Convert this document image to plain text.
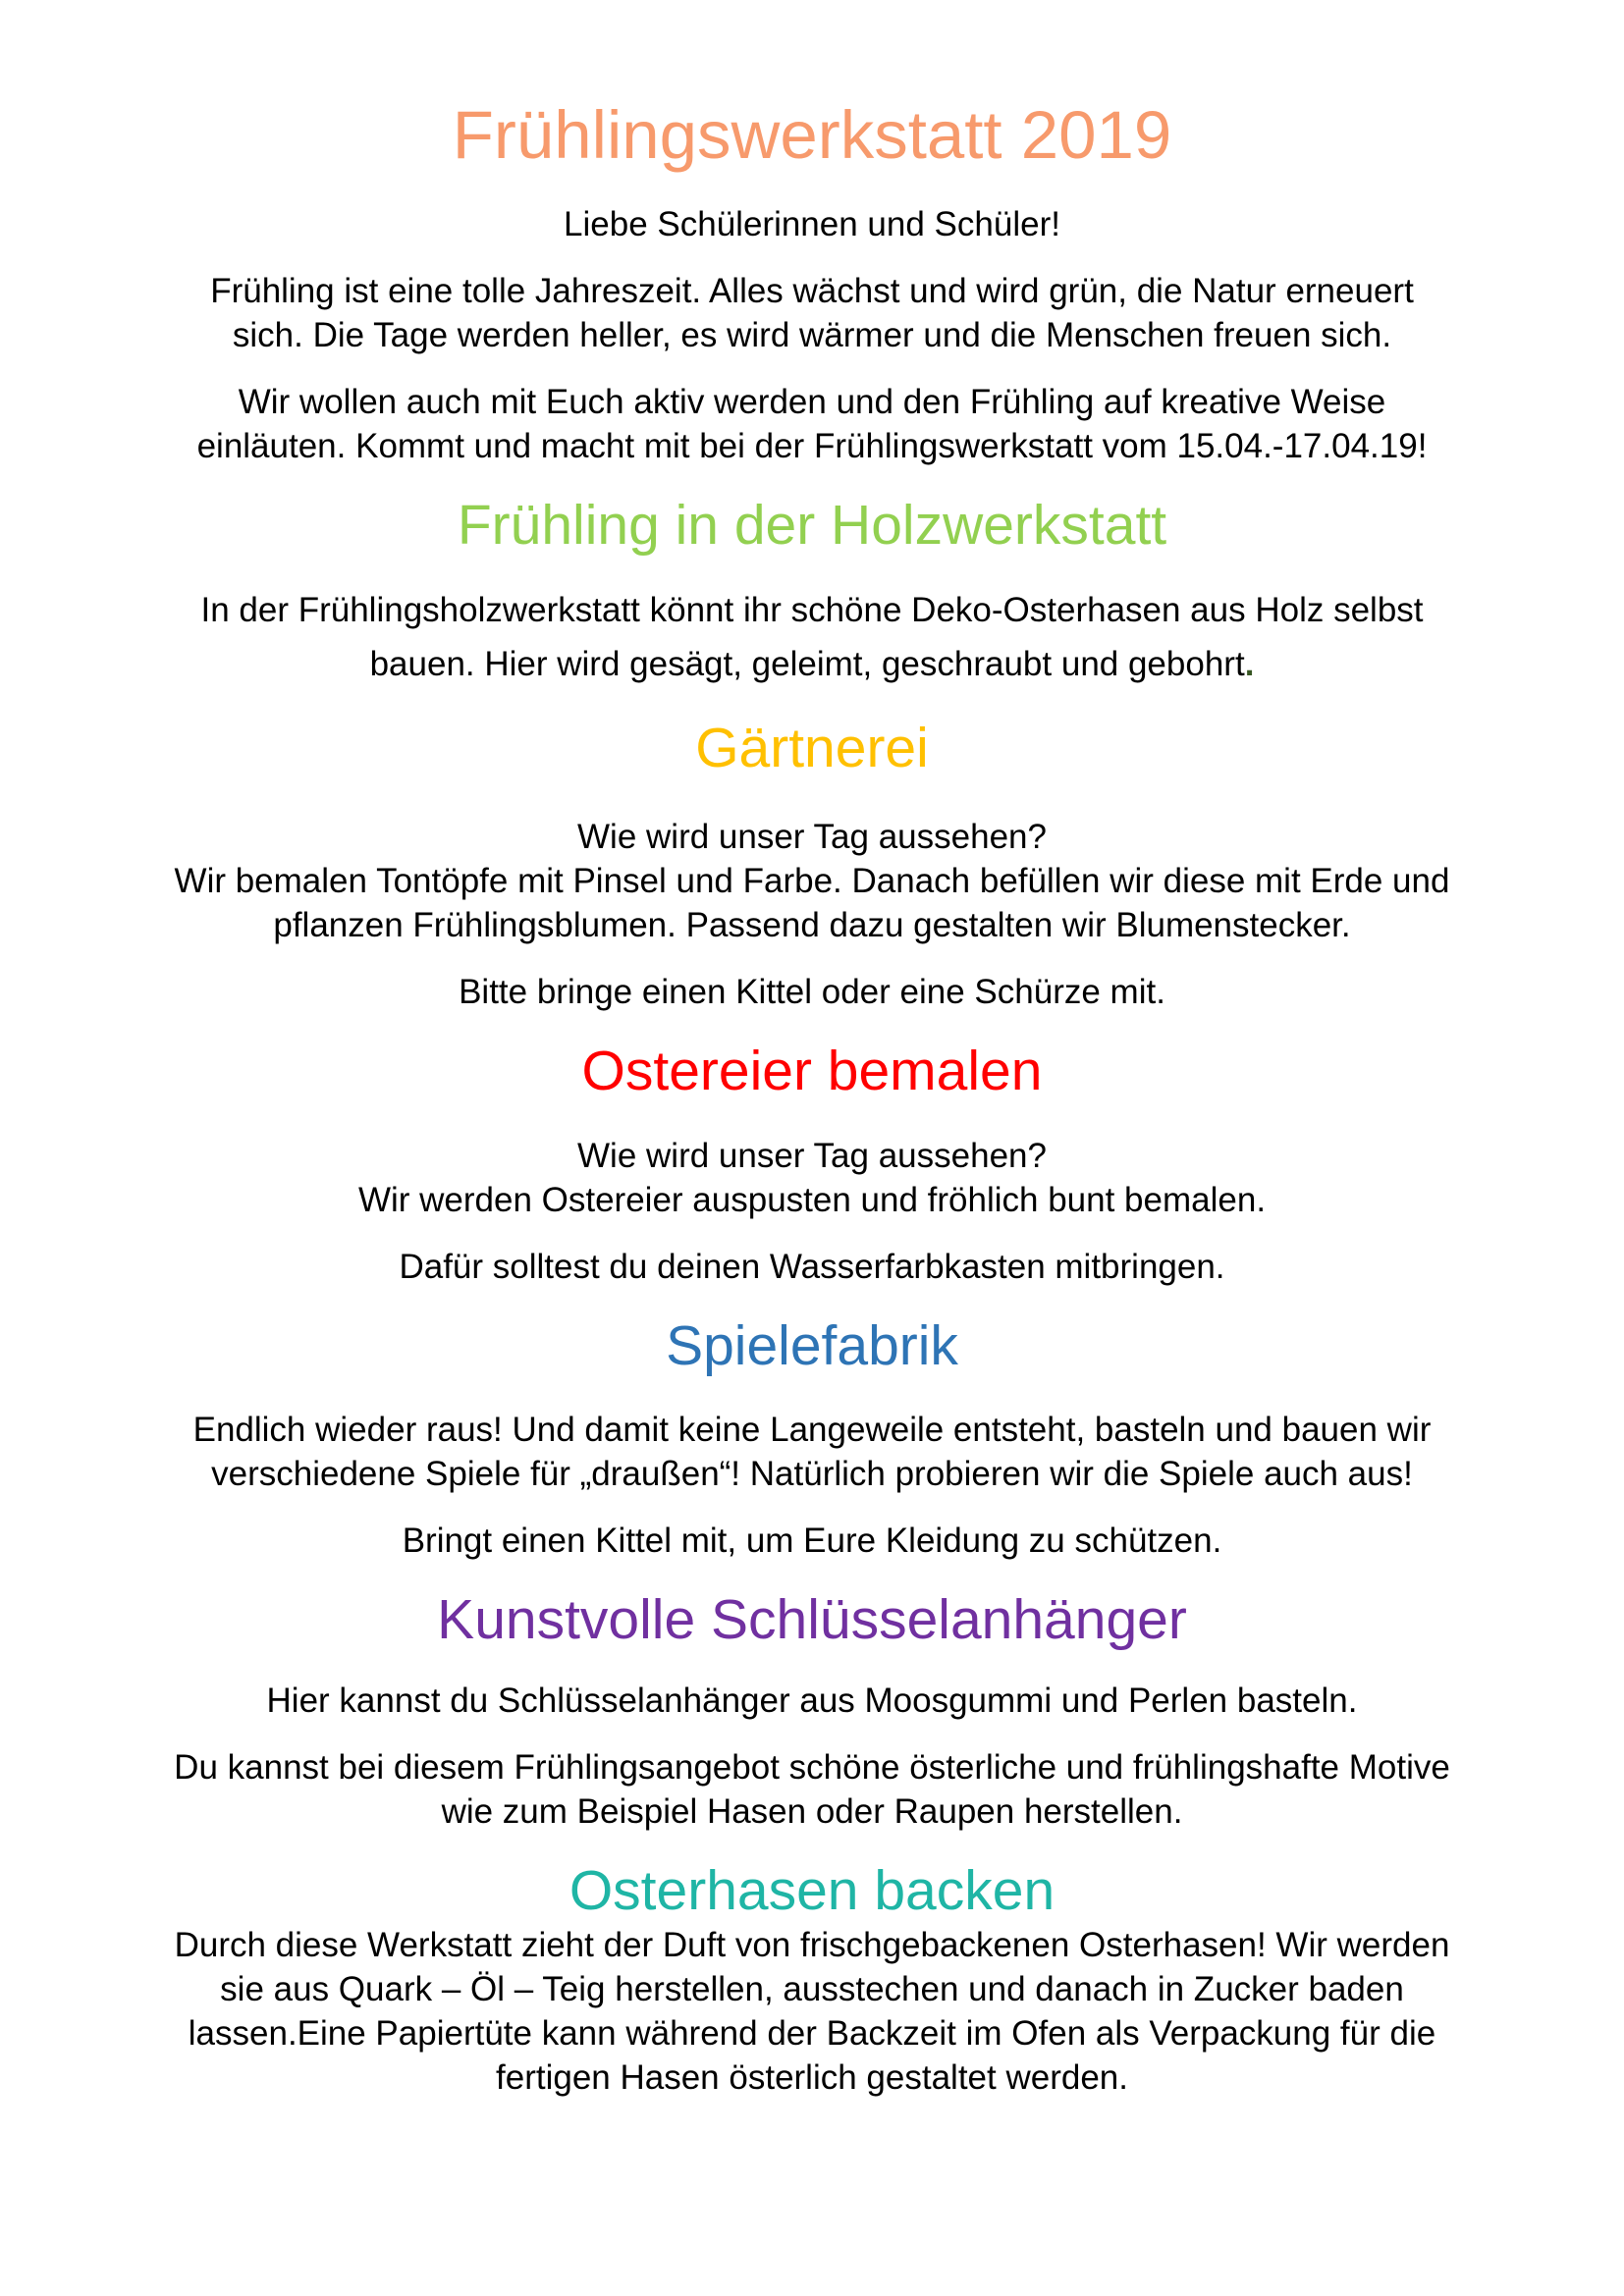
Frühlingswerkstatt 2019

Liebe Schülerinnen und Schüler!

Frühling ist eine tolle Jahreszeit. Alles wächst und wird grün, die Natur erneuert
sich. Die Tage werden heller, es wird wärmer und die Menschen freuen sich.

Wir wollen auch mit Euch aktiv werden und den Frühling auf kreative Weise
einläuten. Kommt und macht mit bei der Frühlingswerkstatt vom 15.04.-17.04.19!

Frühling in der Holzwerkstatt

In der Frühlingsholzwerkstatt könnt ihr schöne Deko-Osterhasen aus Holz selbst
bauen. Hier wird gesägt, geleimt, geschraubt und gebohrt.

Gärtnerei

Wie wird unser Tag aussehen?
Wir bemalen Tontöpfe mit Pinsel und Farbe. Danach befüllen wir diese mit Erde und
pflanzen Frühlingsblumen. Passend dazu gestalten wir Blumenstecker.

Bitte bringe einen Kittel oder eine Schürze mit.

Ostereier bemalen

Wie wird unser Tag aussehen?
Wir werden Ostereier auspusten und fröhlich bunt bemalen.

Dafür solltest du deinen Wasserfarbkasten mitbringen.

Spielefabrik

Endlich wieder raus! Und damit keine Langeweile entsteht, basteln und bauen wir
verschiedene Spiele für „draußen“! Natürlich probieren wir die Spiele auch aus!

Bringt einen Kittel mit, um Eure Kleidung zu schützen.

Kunstvolle Schlüsselanhänger

Hier kannst du Schlüsselanhänger aus Moosgummi und Perlen basteln.

Du kannst bei diesem Frühlingsangebot schöne österliche und frühlingshafte Motive
wie zum Beispiel Hasen oder Raupen herstellen.

Osterhasen backen

Durch diese Werkstatt zieht der Duft von frischgebackenen Osterhasen! Wir werden
sie aus Quark – Öl – Teig herstellen, ausstechen und danach in Zucker baden
lassen.Eine Papiertüte kann während der Backzeit im Ofen als Verpackung für die
fertigen Hasen österlich gestaltet werden.
